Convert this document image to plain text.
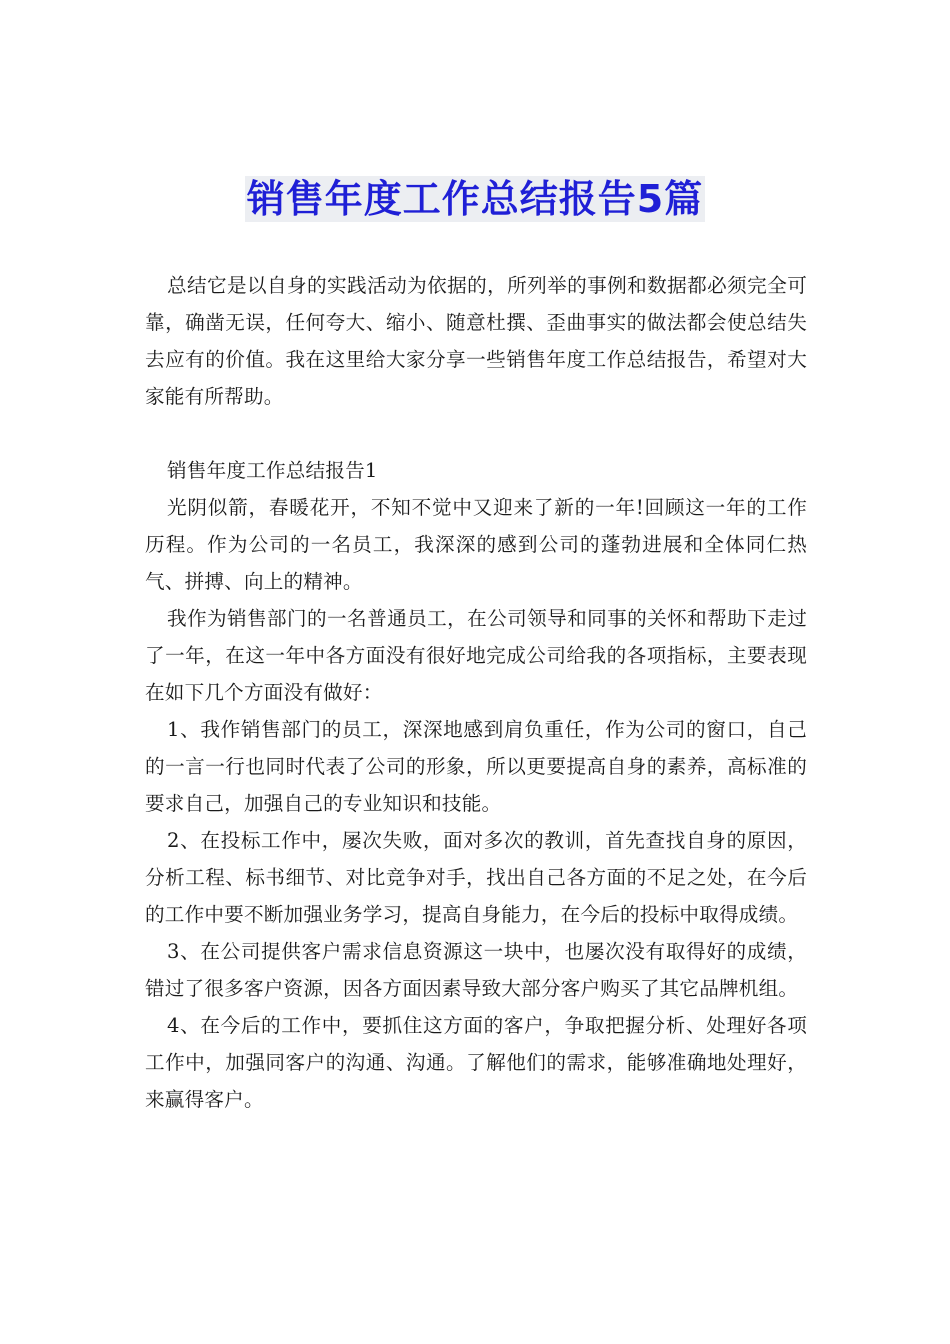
销售年度工作总结报告5篇

总结它是以自身的实践活动为依据的，所列举的事例和数据都必须完全可靠，确凿无误，任何夸大、缩小、随意杜撰、歪曲事实的做法都会使总结失去应有的价值。我在这里给大家分享一些销售年度工作总结报告，希望对大家能有所帮助。

销售年度工作总结报告1

光阴似箭，春暖花开，不知不觉中又迎来了新的一年!回顾这一年的工作历程。作为公司的一名员工，我深深的感到公司的蓬勃进展和全体同仁热气、拼搏、向上的精神。

我作为销售部门的一名普通员工，在公司领导和同事的关怀和帮助下走过了一年，在这一年中各方面没有很好地完成公司给我的各项指标，主要表现在如下几个方面没有做好：

1、我作销售部门的员工，深深地感到肩负重任，作为公司的窗口，自己的一言一行也同时代表了公司的形象，所以更要提高自身的素养，高标准的要求自己，加强自己的专业知识和技能。

2、在投标工作中，屡次失败，面对多次的教训，首先查找自身的原因，分析工程、标书细节、对比竞争对手，找出自己各方面的不足之处，在今后的工作中要不断加强业务学习，提高自身能力，在今后的投标中取得成绩。

3、在公司提供客户需求信息资源这一块中，也屡次没有取得好的成绩，错过了很多客户资源，因各方面因素导致大部分客户购买了其它品牌机组。

4、在今后的工作中，要抓住这方面的客户，争取把握分析、处理好各项工作中，加强同客户的沟通、沟通。了解他们的需求，能够准确地处理好，来赢得客户。
